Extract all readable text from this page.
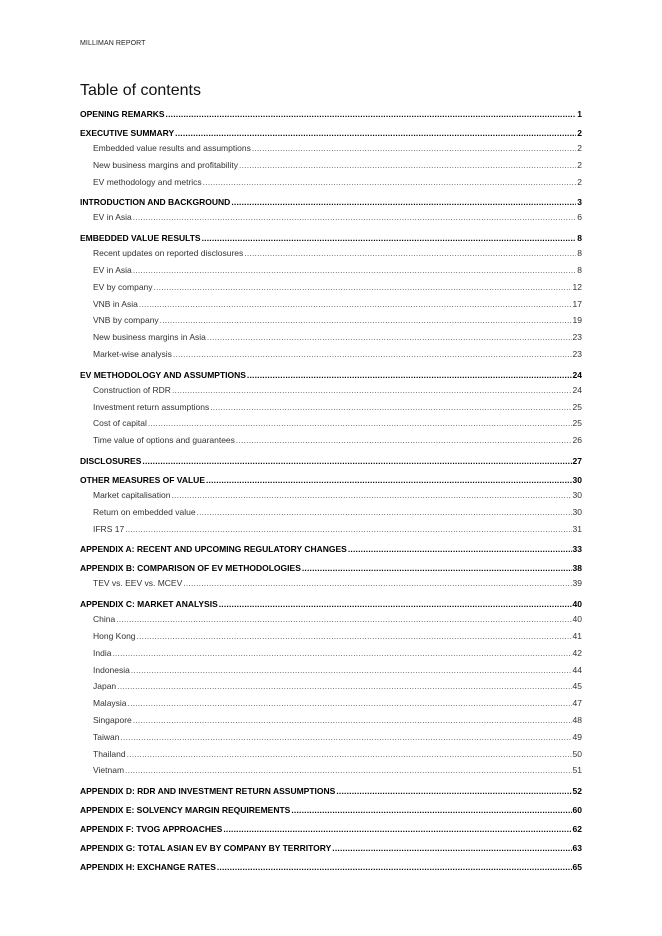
MILLIMAN REPORT
Table of contents
OPENING REMARKS .....	1
EXECUTIVE SUMMARY .....	2
Embedded value results and assumptions .....	2
New business margins and profitability .....	2
EV methodology and metrics .....	2
INTRODUCTION AND BACKGROUND .....	3
EV in Asia .....	6
EMBEDDED VALUE RESULTS .....	8
Recent updates on reported disclosures .....	8
EV in Asia .....	8
EV by company .....	12
VNB in Asia .....	17
VNB by company .....	19
New business margins in Asia .....	23
Market-wise analysis .....	23
EV METHODOLOGY AND ASSUMPTIONS .....	24
Construction of RDR .....	24
Investment return assumptions .....	25
Cost of capital .....	25
Time value of options and guarantees .....	26
DISCLOSURES .....	27
OTHER MEASURES OF VALUE .....	30
Market capitalisation .....	30
Return on embedded value .....	30
IFRS 17 .....	31
APPENDIX A: RECENT AND UPCOMING REGULATORY CHANGES .....	33
APPENDIX B: COMPARISON OF EV METHODOLOGIES .....	38
TEV vs. EEV vs. MCEV .....	39
APPENDIX C: MARKET ANALYSIS .....	40
China .....	40
Hong Kong .....	41
India .....	42
Indonesia .....	44
Japan .....	45
Malaysia .....	47
Singapore .....	48
Taiwan .....	49
Thailand .....	50
Vietnam .....	51
APPENDIX D: RDR AND INVESTMENT RETURN ASSUMPTIONS .....	52
APPENDIX E: SOLVENCY MARGIN REQUIREMENTS .....	60
APPENDIX F: TVOG APPROACHES .....	62
APPENDIX G: TOTAL ASIAN EV BY COMPANY BY TERRITORY .....	63
APPENDIX H: EXCHANGE RATES .....	65
